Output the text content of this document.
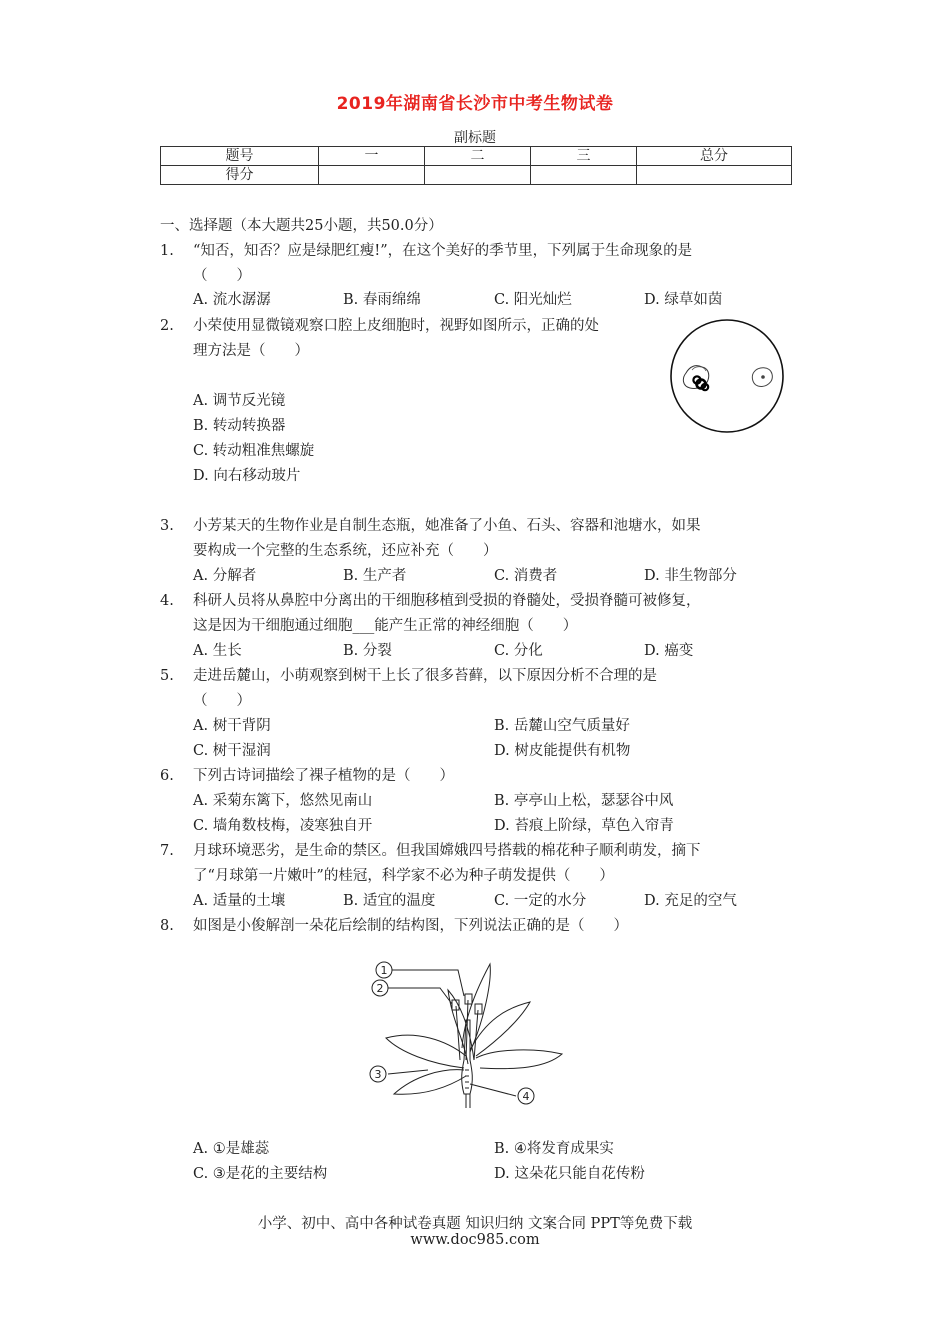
2019年湖南省长沙市中考生物试卷
副标题
题号	一	二	三	总分
得分				
一、选择题（本大题共25小题，共50.0分）
1. “知否，知否？应是绿肥红瘦!”，在这个美好的季节里，下列属于生命现象的是
（　　）
A. 流水潺潺	B. 春雨绵绵	C. 阳光灿烂	D. 绿草如茵
2. 小荣使用显微镜观察口腔上皮细胞时，视野如图所示，正确的处
理方法是（　　）
A. 调节反光镜
B. 转动转换器
C. 转动粗准焦螺旋
D. 向右移动玻片
3. 小芳某天的生物作业是自制生态瓶，她准备了小鱼、石头、容器和池塘水，如果
要构成一个完整的生态系统，还应补充（　　）
A. 分解者	B. 生产者	C. 消费者	D. 非生物部分
4. 科研人员将从鼻腔中分离出的干细胞移植到受损的脊髓处，受损脊髓可被修复，
这是因为干细胞通过细胞___能产生正常的神经细胞（　　）
A. 生长	B. 分裂	C. 分化	D. 癌变
5. 走进岳麓山，小萌观察到树干上长了很多苔藓，以下原因分析不合理的是
（　　）
A. 树干背阴	B. 岳麓山空气质量好
C. 树干湿润	D. 树皮能提供有机物
6. 下列古诗词描绘了裸子植物的是（　　）
A. 采菊东篱下，悠然见南山	B. 亭亭山上松，瑟瑟谷中风
C. 墙角数枝梅，凌寒独自开	D. 苔痕上阶绿，草色入帘青
7. 月球环境恶劣，是生命的禁区。但我国嫦娥四号搭载的棉花种子顺利萌发，摘下
了“月球第一片嫩叶”的桂冠，科学家不必为种子萌发提供（　　）
A. 适量的土壤	B. 适宜的温度	C. 一定的水分	D. 充足的空气
8. 如图是小俊解剖一朵花后绘制的结构图，下列说法正确的是（　　）
1
2
3
4
A. ①是雄蕊	B. ④将发育成果实
C. ③是花的主要结构	D. 这朵花只能自花传粉
小学、初中、高中各种试卷真题 知识归纳 文案合同 PPT等免费下载
www.doc985.com
